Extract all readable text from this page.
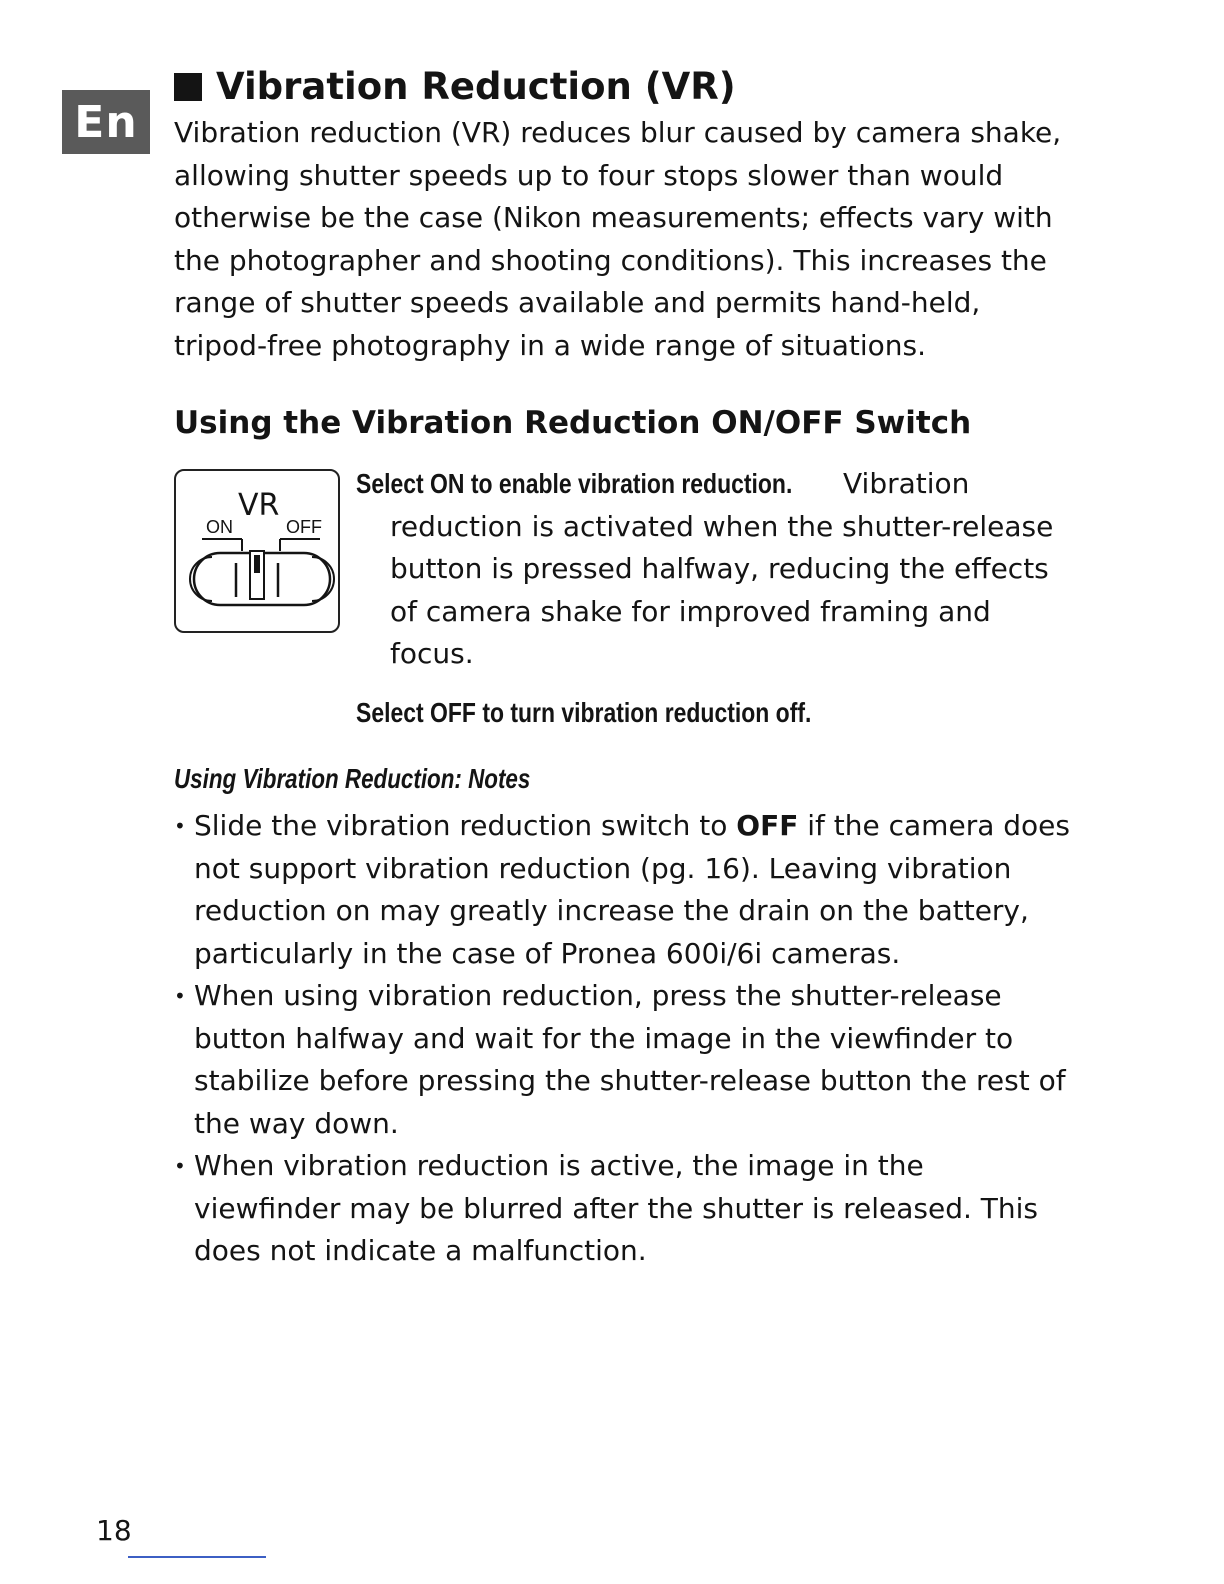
En
Vibration Reduction (VR)

Vibration reduction (VR) reduces blur caused by camera shake, allowing shutter speeds up to four stops slower than would otherwise be the case (Nikon measurements; effects vary with the photographer and shooting conditions). This increases the range of shutter speeds available and permits hand-held, tripod-free photography in a wide range of situations.

Using the Vibration Reduction ON/OFF Switch
VR
ON	OFF
Select ON to enable vibration reduction. Vibration
reduction is activated when the shutter-release button is pressed halfway, reducing the effects of camera shake for improved framing and focus.
Select OFF to turn vibration reduction off.
Using Vibration Reduction: Notes
• Slide the vibration reduction switch to OFF if the camera does not support vibration reduction (pg. 16). Leaving vibration reduction on may greatly increase the drain on the battery, particularly in the case of Pronea 600i/6i cameras.
• When using vibration reduction, press the shutter-release button halfway and wait for the image in the viewfinder to stabilize before pressing the shutter-release button the rest of the way down.
• When vibration reduction is active, the image in the viewfinder may be blurred after the shutter is released. This does not indicate a malfunction.
18
